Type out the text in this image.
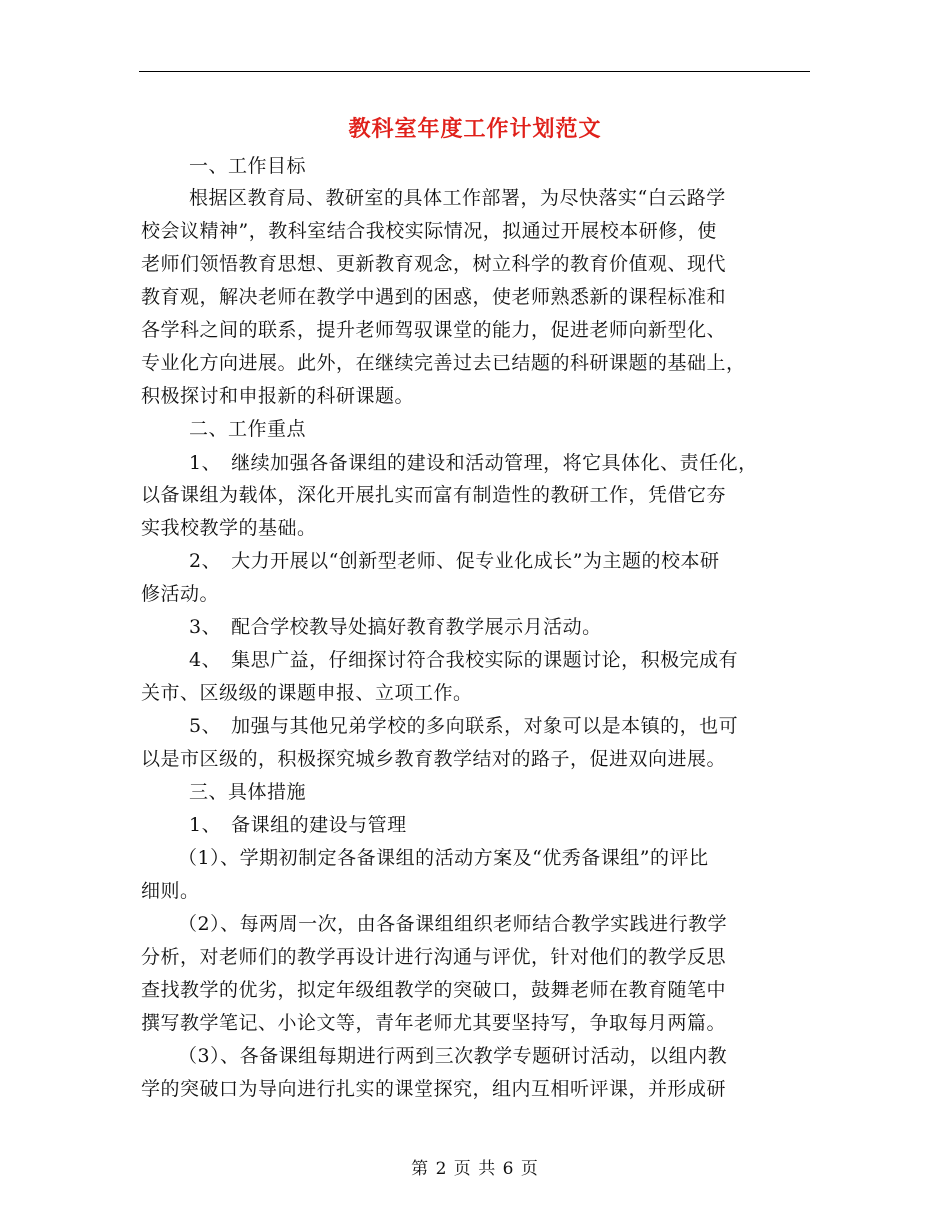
教科室年度工作计划范文
一、工作目标
根据区教育局、教研室的具体工作部署，为尽快落实“白云路学
校会议精神”，教科室结合我校实际情况，拟通过开展校本研修，使
老师们领悟教育思想、更新教育观念，树立科学的教育价值观、现代
教育观，解决老师在教学中遇到的困惑，使老师熟悉新的课程标准和
各学科之间的联系，提升老师驾驭课堂的能力，促进老师向新型化、
专业化方向进展。此外，在继续完善过去已结题的科研课题的基础上，
积极探讨和申报新的科研课题。
二、工作重点
1、　继续加强各备课组的建设和活动管理，将它具体化、责任化，
以备课组为载体，深化开展扎实而富有制造性的教研工作，凭借它夯
实我校教学的基础。
2、　大力开展以“创新型老师、促专业化成长”为主题的校本研
修活动。
3、　配合学校教导处搞好教育教学展示月活动。
4、　集思广益，仔细探讨符合我校实际的课题讨论，积极完成有
关市、区级级的课题申报、立项工作。
5、　加强与其他兄弟学校的多向联系，对象可以是本镇的，也可
以是市区级的，积极探究城乡教育教学结对的路子，促进双向进展。
三、具体措施
1、　备课组的建设与管理
（1）、学期初制定各备课组的活动方案及“优秀备课组”的评比
细则。
（2）、每两周一次，由各备课组组织老师结合教学实践进行教学
分析，对老师们的教学再设计进行沟通与评优，针对他们的教学反思
查找教学的优劣，拟定年级组教学的突破口，鼓舞老师在教育随笔中
撰写教学笔记、小论文等，青年老师尤其要坚持写，争取每月两篇。
（3）、各备课组每期进行两到三次教学专题研讨活动，以组内教
学的突破口为导向进行扎实的课堂探究，组内互相听评课，并形成研
第 2 页 共 6 页
